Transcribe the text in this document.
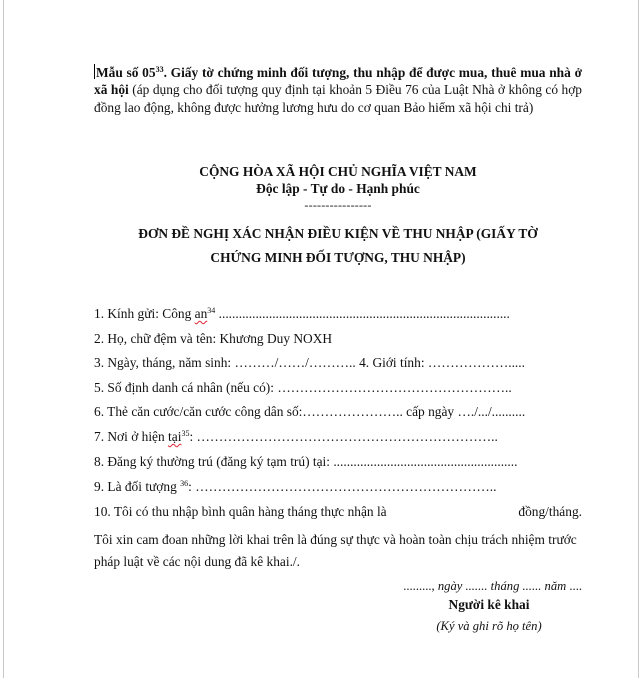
Mẫu số $05^{33}$. Giấy tờ chứng minh đối tượng, thu nhập để được mua, thuê mua nhà ở xã hội (áp dụng cho đối tượng quy định tại khoản 5 Điều 76 của Luật Nhà ở không có hợp đồng lao động, không được hưởng lương hưu do cơ quan Bảo hiểm xã hội chi trả)

CỘNG HÒA XÃ HỘI CHỦ NGHĨA VIỆT NAM
Độc lập - Tự do - Hạnh phúc
----------------
ĐƠN ĐỀ NGHỊ XÁC NHẬN ĐIỀU KIỆN VỀ THU NHẬP (GIẤY TỜ CHỨNG MINH ĐỐI TƯỢNG, THU NHẬP)
1. Kính gửi: Công $an^{34}$ .......................................................................................
2. Họ, chữ đệm và tên: Khương Duy NOXH
3. Ngày, tháng, năm sinh: ………/……/……….. 4. Giới tính: ……………….....
5. Số định danh cá nhân (nếu có): ……………………………………………..
6. Thẻ căn cước/căn cước công dân số:………………….. cấp ngày …./.../..........
7. Nơi ở hiện tại$^{35}$: …………………………………………………………..
8. Đăng ký thường trú (đăng ký tạm trú) tại: .......................................................
9. Là đối tượng $^{36}$: …………………………………………………………..
10. Tôi có thu nhập bình quân hàng tháng thực nhận là	đồng/tháng.

Tôi xin cam đoan những lời khai trên là đúng sự thực và hoàn toàn chịu trách nhiệm trước pháp luật về các nội dung đã kê khai./.

........., ngày ....... tháng ...... năm ....
Người kê khai
(Ký và ghi rõ họ tên)
